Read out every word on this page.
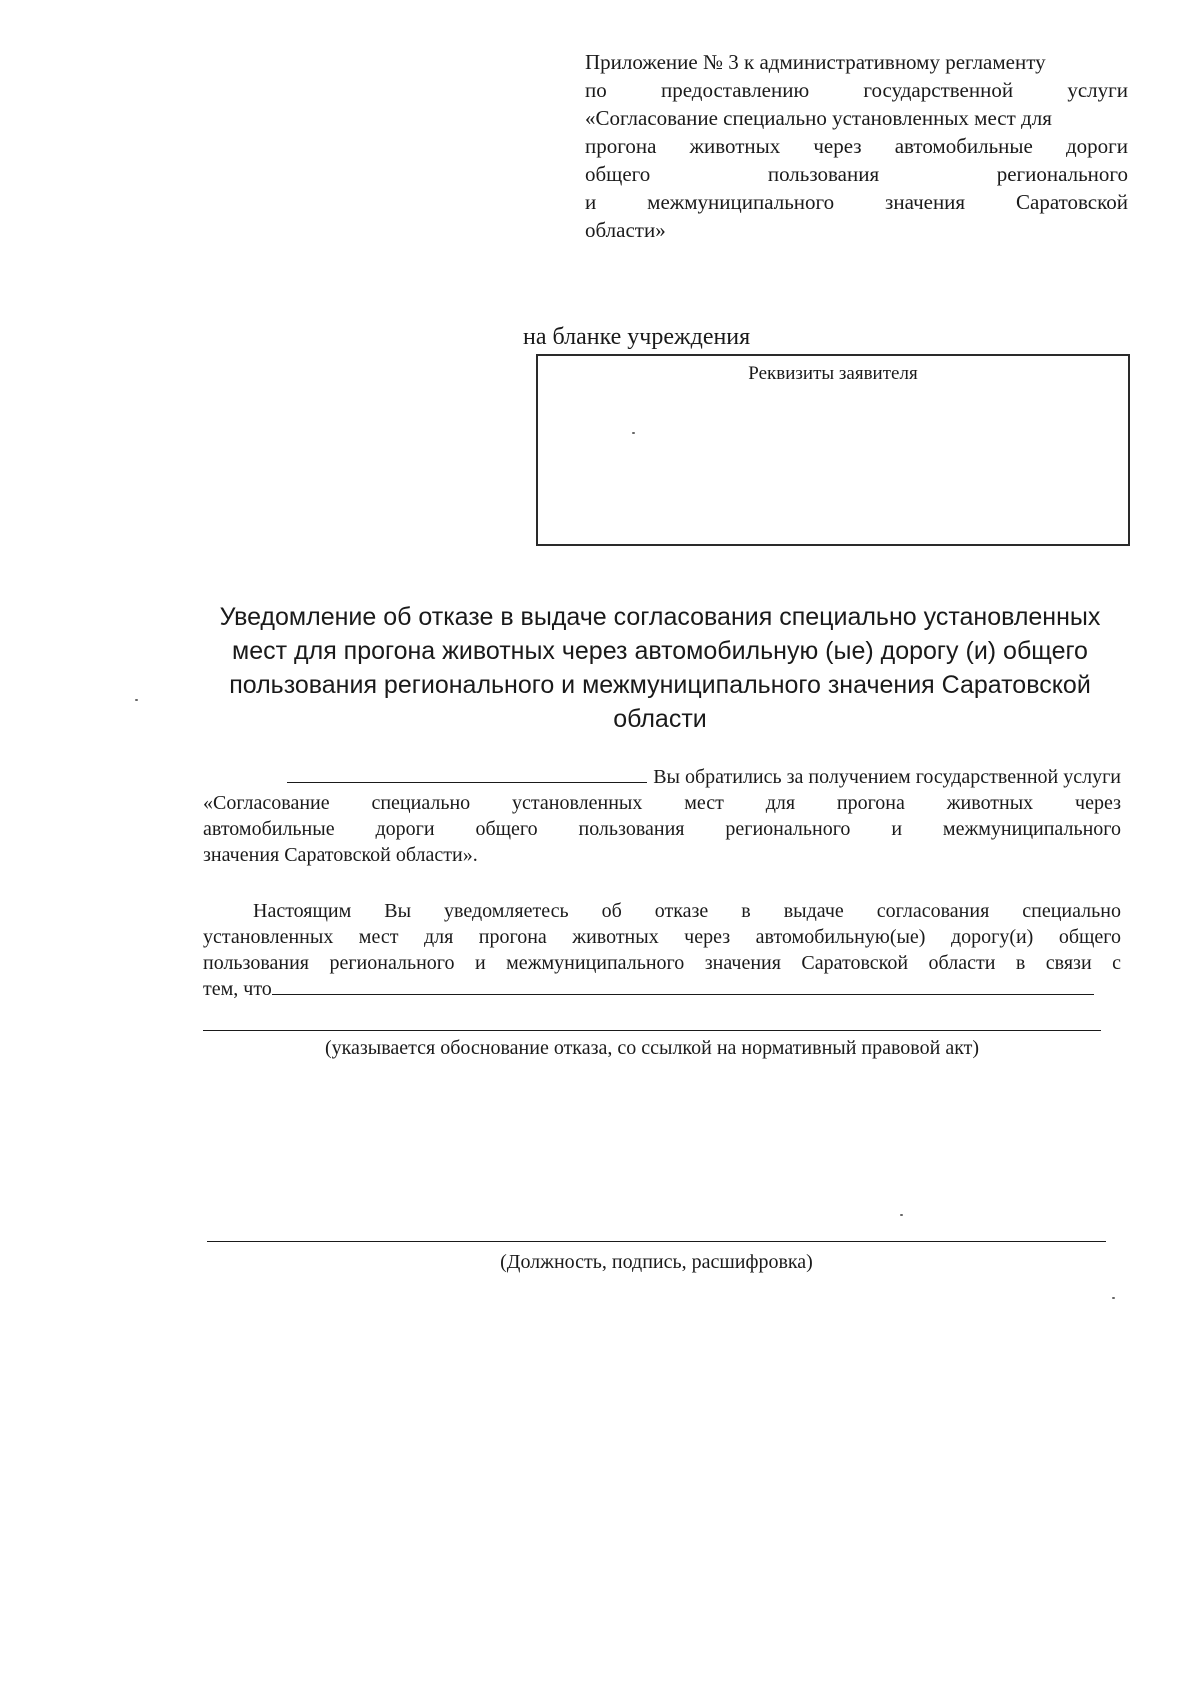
Приложение № 3 к административному регламенту
по предоставлению государственной услуги
«Согласование специально установленных мест для
прогона животных через автомобильные дороги
общего пользования регионального
и межмуниципального значения Саратовской
области»
на бланке учреждения
Реквизиты заявителя
Уведомление об отказе в выдаче согласования специально установленных
мест для прогона животных через автомобильную (ые) дорогу (и) общего
пользования регионального и межмуниципального значения Саратовской
области
Вы обратились за получением государственной услуги
«Согласование специально установленных мест для прогона животных через
автомобильные дороги общего пользования регионального и межмуниципального
значения Саратовской области».
Настоящим Вы уведомляетесь об отказе в выдаче согласования специально
установленных мест для прогона животных через автомобильную(ые) дорогу(и) общего
пользования регионального и межмуниципального значения Саратовской области в связи с
тем, что
(указывается обоснование отказа, со ссылкой на нормативный правовой акт)
(Должность, подпись, расшифровка)
